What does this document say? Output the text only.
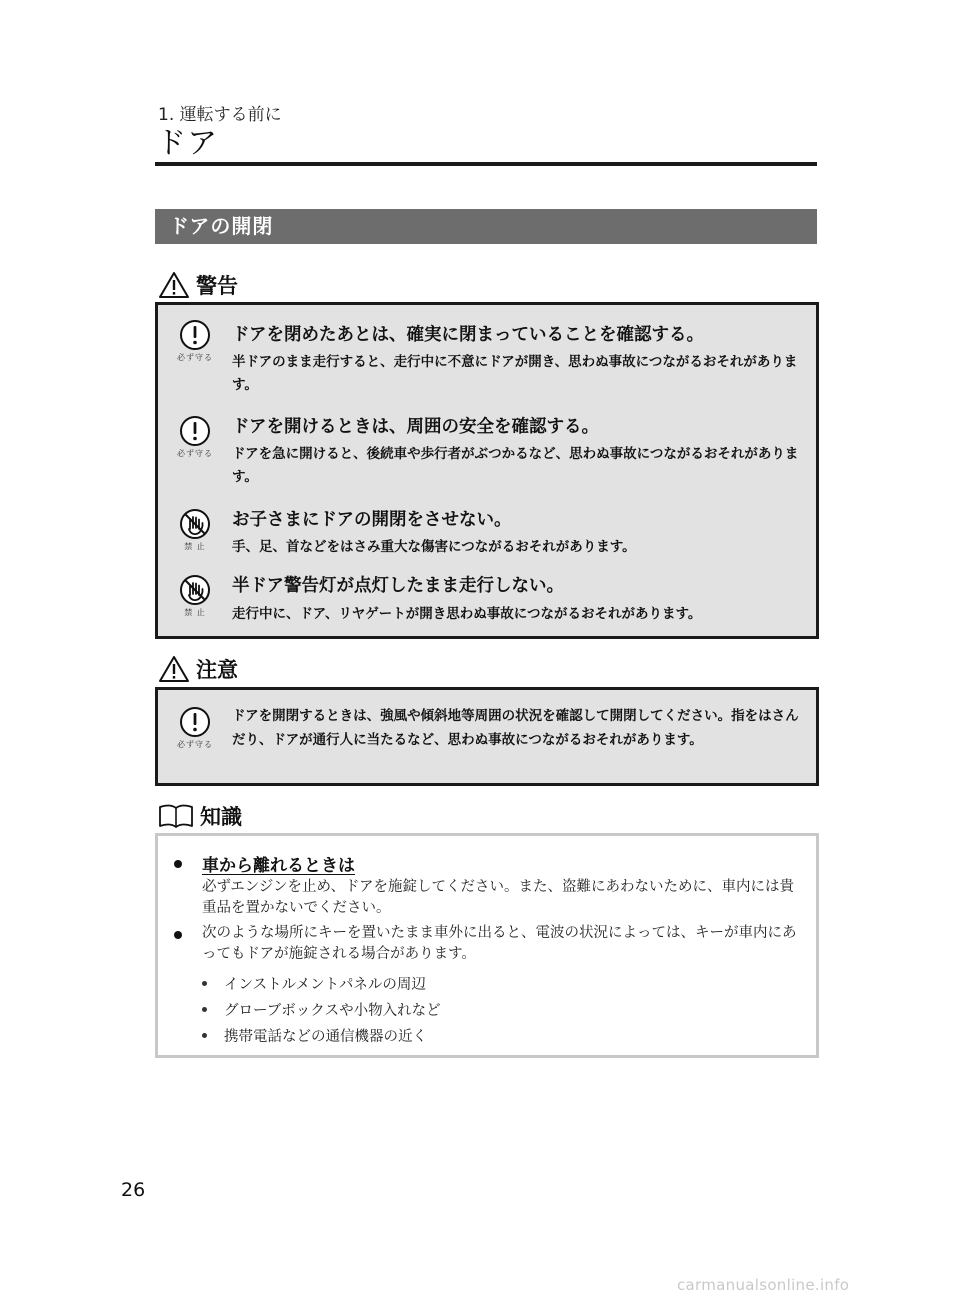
1. 運転する前に
ドア
ドアの開閉
警告
必ず守る
ドアを閉めたあとは、確実に閉まっていることを確認する。
半ドアのまま走行すると、走行中に不意にドアが開き、思わぬ事故につながるおそれがあります。
必ず守る
ドアを開けるときは、周囲の安全を確認する。
ドアを急に開けると、後続車や歩行者がぶつかるなど、思わぬ事故につながるおそれがあります。
禁 止
お子さまにドアの開閉をさせない。
手、足、首などをはさみ重大な傷害につながるおそれがあります。
禁 止
半ドア警告灯が点灯したまま走行しない。
走行中に、ドア、リヤゲートが開き思わぬ事故につながるおそれがあります。
注意
必ず守る
ドアを開閉するときは、強風や傾斜地等周囲の状況を確認して開閉してください。指をはさんだり、ドアが通行人に当たるなど、思わぬ事故につながるおそれがあります。
知識
車から離れるときは
必ずエンジンを止め、ドアを施錠してください。また、盗難にあわないために、車内には貴重品を置かないでください。
次のような場所にキーを置いたまま車外に出ると、電波の状況によっては、キーが車内にあってもドアが施錠される場合があります。
インストルメントパネルの周辺
グローブボックスや小物入れなど
携帯電話などの通信機器の近く
26
carmanualsonline.info
